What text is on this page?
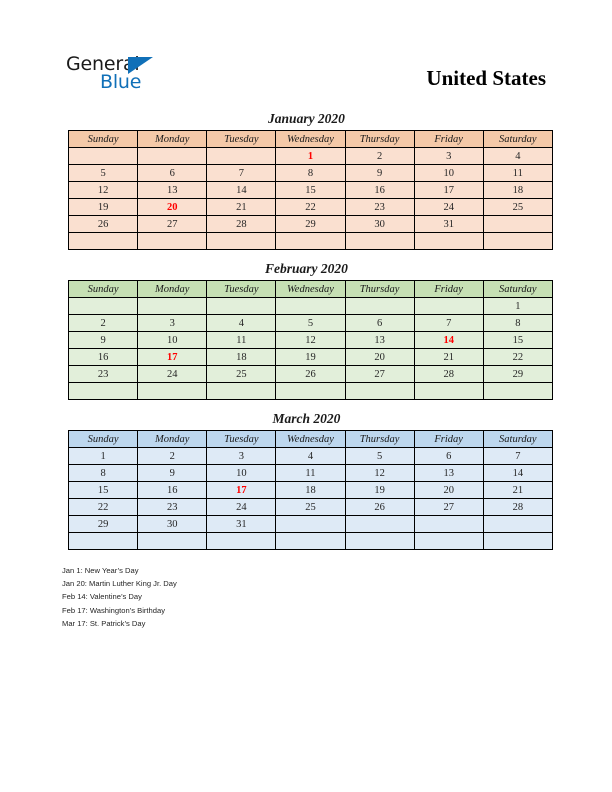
General
Blue	United States
January 2020
Sunday	Monday	Tuesday	Wednesday	Thursday	Friday	Saturday
			1	2	3	4
5	6	7	8	9	10	11
12	13	14	15	16	17	18
19	20	21	22	23	24	25
26	27	28	29	30	31	

February 2020
Sunday	Monday	Tuesday	Wednesday	Thursday	Friday	Saturday
						1
2	3	4	5	6	7	8
9	10	11	12	13	14	15
16	17	18	19	20	21	22
23	24	25	26	27	28	29

March 2020
Sunday	Monday	Tuesday	Wednesday	Thursday	Friday	Saturday
1	2	3	4	5	6	7
8	9	10	11	12	13	14
15	16	17	18	19	20	21
22	23	24	25	26	27	28
29	30	31				

Jan 1: New Year’s Day
Jan 20: Martin Luther King Jr. Day
Feb 14: Valentine’s Day
Feb 17: Washington’s Birthday
Mar 17: St. Patrick’s Day
